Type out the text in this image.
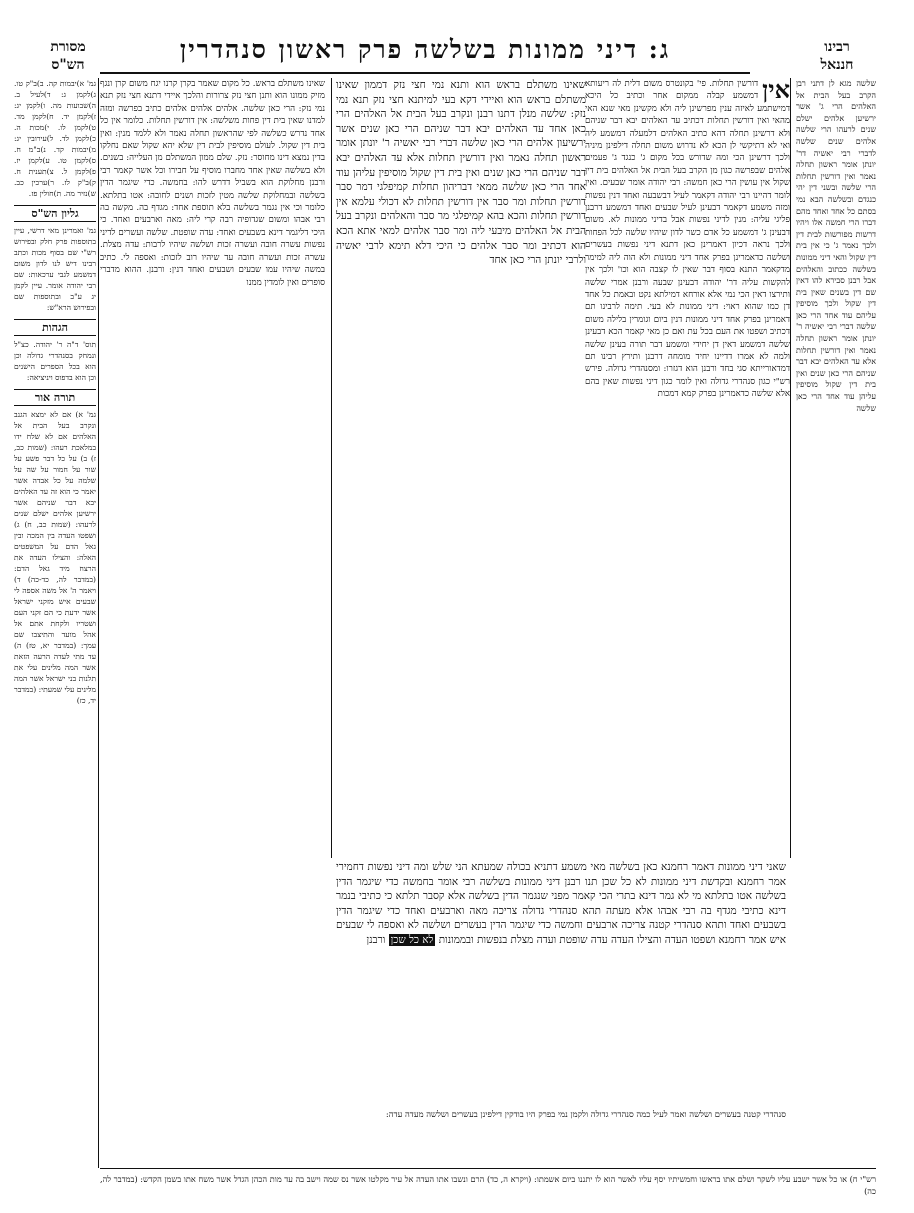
רבינו
חננאל
מסורת
הש"ס
ג: דיני ממונות בשלשה פרק ראשון סנהדרין
שלשה מגא לן דתני רבן הקרב בעל הבית אל האלהים הרי ג' אשר ירשיען אלהים ישלם שנים לרעהו הרי שלשה אלהים שנים שלשה לדברי רבי יאשיה דר' יונתן אומר ראשון תחלה נאמר ואין דורשין תחלות הרי שלשה ובשני דין יהי כנגדם ובשלשה הבא נמי בסתם כל אחד ואחד מהם דברו הרי חמשה אלו ויהיו דרשות מפורשות לבית דין ולכך נאמר ג' כי אין בית דין שקול והאי דיני ממונות בשלשה ככתוב והאלהים אבל רבנן סבירא להו דאין שם דין בשנים שאין בית דין שקול ולכך מוסיפין עליהם עוד אחד הרי כאן שלשה דברי רבי יאשיה ר' יונתן אומר ראשון תחלה נאמר ואין דורשין תחלות אלא עד האלהים יבא דבר שניהם הרי כאן שנים ואין בית דין שקול מוסיפין עליהן עוד אחד הרי כאן שלשה
אין
דורשין תחלות. פי' בקונטרס משום דלית לה ריעותא דמשמע קבלה ממקום אחר וכתיב כל היכא דמישתמע לאיזה ענין מפרשינן ליה ולא מקשינן מאי שנא האי מהאי ואין דורשין תחלות דכתיב עד האלהים יבא דבר שניהם ולא דרשינן תחלה דהא כתיב האלהים דלמעלה דמשמע ליה ואי לא דתיקשי לן הכא לא נדרוש משום תחלה דילפינן מיניה ולכך דרשינן הכי ומה שדורש בכל מקום ג' כנגד ג' פעמים אלהים שבפרשה כגון מן הקרב בעל הבית אל האלהים בית דין שקול אין עושין הרי כאן חמשה: רבי יהודה אומר שבעים. ואין לומר דהיינו רבי יהודה דקאמר לעיל דבשבעה ואחד דנין נפשות ומזה משמע דקאמר דבעינן לעיל שבעים ואחד דמשמע דרבנן פליגי עליה: מנין לדיני נפשות אבל בדיני ממונות לא. משום דבעינן ג' דמשמע כל אדם כשר לדון שיהיו שלשה לכל הפחות ולכך נראה דכיון דאמרינן כאן דתנא דיני נפשות בעשרים ושלשה כדאמרינן בפרק אחד דיני ממונות ולא הוה ליה למימר מדקאמר התנא בסוף דבר שאין לו קצבה הוא וכו' ולכך אין להקשות עליה דר' יהודה דבעינן שבעה ורבנן אמרי שלשה ותירצו דאין הכי נמי אלא אורחא דמילתא נקט ובאמת כל אחד דן כמו שהוא ראוי: דיני ממונות לא בעי. תימה לרבינו תם דאמרינן בפרק אחד דיני ממונות דנין ביום וגומרין בלילה משום דכתיב ושפטו את העם בכל עת ואם כן מאי קאמר הכא דבעינן שלשה דמשמע דאין דן יחידי ומשמע דבר תורה בעינן שלשה ולמה לא אמרו דדיינו יחיד מומחה דרבנן ותירץ רבינו תם דמדאורייתא סגי בחד ורבנן הוא דגזרו: ומסנהדרי גדולה. פירש רש"י כגון סנהדרי גדולה ואין לומר כגון דיני נפשות שאין בהם אלא שלשה כדאמרינן בפרק קמא דמכות
שאינו משתלם בראש הוא ותנא נמי חצי נזק דממון שאינו משתלם בראש הוא ואיידי דקא בעי למיתנא חצי נזק תנא נמי נזק: שלשה מנלן דתנו רבנן ונקרב בעל הבית אל האלהים הרי כאן אחד עד האלהים יבא דבר שניהם הרי כאן שנים אשר ירשיעון אלהים הרי כאן שלשה דברי רבי יאשיה ר' יונתן אומר ראשון תחלה נאמר ואין דורשין תחלות אלא עד האלהים יבא דבר שניהם הרי כאן שנים ואין בית דין שקול מוסיפין עליהן עוד אחד הרי כאן שלשה ממאי דבריהון תחלות קמיפלגי דמר סבר דורשין תחלות ומר סבר אין דורשין תחלות לא דכולי עלמא אין דורשין תחלות והכא בהא קמיפלגי מר סבר והאלהים ונקרב בעל הבית אל האלהים מיבעי ליה ומר סבר אלהים למאי אתא הכא הוא דכתיב ומר סבר אלהים כי היכי דלא תימא לרבי יאשיה ולרבי יונתן הרי כאן אחד
שאני דיני ממונות דאמר רחמנא כאן בשלשה מאי משמע דתניא בכולה שמעתא הני שלש ומה דיני נפשות דחמירי אמר רחמנא ובקדשת דיני ממונות לא כל שכן תנו רבנן דיני ממונות בשלשה רבי אומר בחמשה כדי שיגמר הדין בשלשה אטו בתלתא מי לא גמר דינא בתרי הכי קאמר מפני שנגמר הדין בשלשה אלא קסבר תלתא כי כתיבי בנמר דינא כתיבי מגדף בה רבי אבהו אלא מעתה תהא סנהדרי גדולה צריכה מאה וארבעים ואחד כדי שיגמר הדין בשבעים ואחד ותהא סנהדרי קטנה צריכה ארבעים וחמשה כדי שיגמר הדין בעשרים ושלשה לא ואספה לי שבעים איש אמר רחמנא ושפטו העדה והצילו העדה עדה שופטת ועדה מצלת בנפשות ובממונות לא כל שכן ורבנן
שאינו משתלם בראש. כל מקום שאמר בקרן קרנו יגח משום קרן ונגף מזיק ממונו הוא ותנן חצי נזק צרורות והלכך איידי דתנא חצי נזק תנא נמי נזק: הרי כאן שלשה. אלהים אלהים אלהים כתיב בפרשה ומזה למדנו שאין בית דין פחות משלשה: אין דורשין תחלות. כלומר אין כל אחד נדרש כשלשה לפי שהראשון תחלה נאמר ולא ללמד מנין: ואין בית דין שקול. לעולם מוסיפין לבית דין שלא יהא שקול שאם נחלקו בדין נמצא דינו מחוסר: נזק. שלם ממון המשתלם מן העלייה: בשנים. ולא בשלשה שאין אחד מחברו מוסיף על חבירו וכל אשר קאמר רבי ורבנן מחלוקת הוא בשביל דדרש להו: בחמשה. כדי שיגמר הדין בשלשה ובמחלוקת שלשה מטין לזכות ושנים לחובה: אטו בתלתא. כלומר וכי אין נגמר בשלשה בלא תוספת אחד: מגדף בה. מקשה בה רבי אבהו ומשום שגדופיה רבה קרי ליה: מאה וארבעים ואחד. כי היכי דליגמר דינא בשבעים ואחד: עדה שופטת. שלשה ועשרים לדיני נפשות עשרה חובה ועשרה זכות ושלשה שיהיו לרבות: עדה מצלת. עשרה זכות ועשרה חובה עד שיהיו רוב לזכות: ואספה לי. כתיב במשה שיהיו עמו שבעים ושבעים ואחד דנין: ורבנן. ההוא מדברי סופרים ואין לומדין ממנו
גמ' א)יבמות קה. ב)ב"ק טו. ג)לקמן ג: ד)לעיל ב. ה)שבועות מה. ו)לקמן יג: ז)לקמן יד. ח)לקמן מד. ט)לקמן לו. י)מכות ה. כ)לקמן לד. ל)עירובין יג: מ)יבמות קד. נ)ב"מ ח. ס)לקמן טו. ע)לקמן יז. פ)לקמן ל. צ)תענית ח. ק)ב"ק לז. ר)ערכין כב. ש)נזיר מה. ת)חולין פז.
גליון הש"ס
גמ' ואמרינן מאי דרשי, עיין בתוספות פרק חלק ובפירוש רש"י שם בסוף מכות וכתב רבינו דיש לנו לדון משום דמשמע לגבי ערכאות: שם רבי יהודה אומר. עיין לקמן יג ע"ב ובתוספות שם ובפירוש הרא"ש:
הגהות
תוס' ד"ה ר' יהודה. כצ"ל ונמחק בסנהדרי גדולה וכן הוא בכל הספרים הישנים וכן הוא בדפוס ויניציאה:
תורה אור
גמ' א) אם לא ימצא הגנב ונקרב בעל הבית אל האלהים אם לא שלח ידו במלאכת רעהו: (שמות כב, ז) ב) על כל דבר פשע על שור על חמור על שה על שלמה על כל אבדה אשר יאמר כי הוא זה עד האלהים יבא דבר שניהם אשר ירשיען אלהים ישלם שנים לרעהו: (שמות כב, ח) ג) ושפטו העדה בין המכה ובין גאל הדם על המשפטים האלה: והצילו העדה את הרצח מיד גאל הדם: (במדבר לה, כד-כה) ד) ויאמר ה' אל משה אספה לי שבעים איש מזקני ישראל אשר ידעת כי הם זקני העם ושטריו ולקחת אתם אל אהל מועד והתיצבו שם עמך: (במדבר יא, טז) ה) עד מתי לעדה הרעה הזאת אשר המה מלינים עלי את תלנות בני ישראל אשר המה מלינים עלי שמעתי: (במדבר יד, כז)
סנהדרי קטנה בעשרים ושלשה ואמר לעיל כמה סנהדרי גדולה ולקמן נמי בפרק היו בודקין דילפינן בעשרים ושלשה מעדה עדה:
רש"י ח) או כל אשר ישבע עליו לשקר ושלם אתו בראשו וחמשיתיו יסף עליו לאשר הוא לו יתננו ביום אשמתו: (ויקרא ה, כד) הרם ונשבו אתו העדה אל עיר מקלטו אשר נס שמה וישב בה עד מות הכהן הגדל אשר משח אתו בשמן הקדש: (במדבר לה, כה)
